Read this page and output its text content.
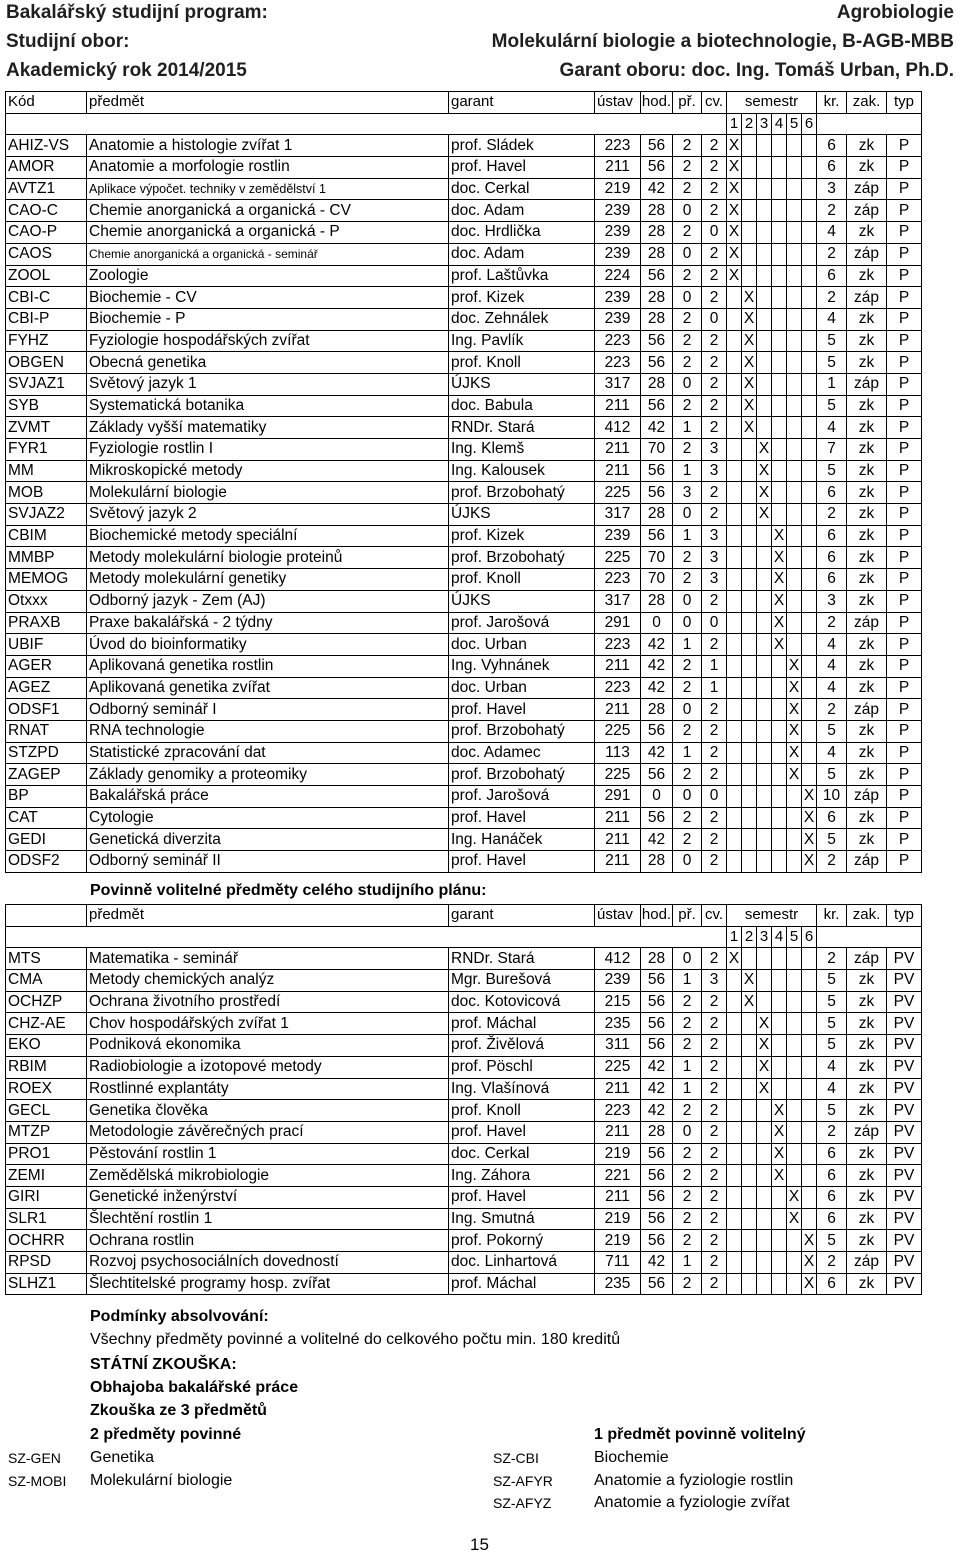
Bakalářský studijní program:	Agrobiologie
Studijní obor:	Molekulární biologie a biotechnologie, B-AGB-MBB
Akademický rok 2014/2015	Garant oboru: doc. Ing. Tomáš Urban, Ph.D.
Kód	předmět	garant	ústav	hod.	př.	cv.	semestr						kr.	zak.	typ
							1	2	3	4	5	6			
AHIZ-VS	Anatomie a histologie zvířat 1	prof. Sládek	223	56	2	2	X						6	zk	P
AMOR	Anatomie a morfologie rostlin	prof. Havel	211	56	2	2	X						6	zk	P
AVTZ1	Aplikace výpočet. techniky v zemědělství 1	doc. Cerkal	219	42	2	2	X						3	záp	P
CAO-C	Chemie anorganická a organická - CV	doc. Adam	239	28	0	2	X						2	záp	P
CAO-P	Chemie anorganická a organická - P	doc. Hrdlička	239	28	2	0	X						4	zk	P
CAOS	Chemie anorganická a organická - seminář	doc. Adam	239	28	0	2	X						2	záp	P
ZOOL	Zoologie	prof. Laštůvka	224	56	2	2	X						6	zk	P
CBI-C	Biochemie - CV	prof. Kizek	239	28	0	2		X					2	záp	P
CBI-P	Biochemie - P	doc. Zehnálek	239	28	2	0		X					4	zk	P
FYHZ	Fyziologie hospodářských zvířat	Ing. Pavlík	223	56	2	2		X					5	zk	P
OBGEN	Obecná genetika	prof. Knoll	223	56	2	2		X					5	zk	P
SVJAZ1	Světový jazyk 1	ÚJKS	317	28	0	2		X					1	záp	P
SYB	Systematická botanika	doc. Babula	211	56	2	2		X					5	zk	P
ZVMT	Základy vyšší matematiky	RNDr. Stará	412	42	1	2		X					4	zk	P
FYR1	Fyziologie rostlin I	Ing. Klemš	211	70	2	3			X				7	zk	P
MM	Mikroskopické metody	Ing. Kalousek	211	56	1	3			X				5	zk	P
MOB	Molekulární biologie	prof. Brzobohatý	225	56	3	2			X				6	zk	P
SVJAZ2	Světový jazyk 2	ÚJKS	317	28	0	2			X				2	zk	P
CBIM	Biochemické metody speciální	prof. Kizek	239	56	1	3				X			6	zk	P
MMBP	Metody molekulární biologie proteinů	prof. Brzobohatý	225	70	2	3				X			6	zk	P
MEMOG	Metody molekulární genetiky	prof. Knoll	223	70	2	3				X			6	zk	P
Otxxx	Odborný jazyk - Zem (AJ)	ÚJKS	317	28	0	2				X			3	zk	P
PRAXB	Praxe bakalářská - 2 týdny	prof. Jarošová	291	0	0	0				X			2	záp	P
UBIF	Úvod do bioinformatiky	doc. Urban	223	42	1	2				X			4	zk	P
AGER	Aplikovaná genetika rostlin	Ing. Vyhnánek	211	42	2	1					X		4	zk	P
AGEZ	Aplikovaná genetika zvířat	doc. Urban	223	42	2	1					X		4	zk	P
ODSF1	Odborný seminář I	prof. Havel	211	28	0	2					X		2	záp	P
RNAT	RNA technologie	prof. Brzobohatý	225	56	2	2					X		5	zk	P
STZPD	Statistické zpracování dat	doc. Adamec	113	42	1	2					X		4	zk	P
ZAGEP	Základy genomiky a proteomiky	prof. Brzobohatý	225	56	2	2					X		5	zk	P
BP	Bakalářská práce	prof. Jarošová	291	0	0	0						X	10	záp	P
CAT	Cytologie	prof. Havel	211	56	2	2						X	6	zk	P
GEDI	Genetická diverzita	Ing. Hanáček	211	42	2	2						X	5	zk	P
ODSF2	Odborný seminář II	prof. Havel	211	28	0	2						X	2	záp	P
Povinně volitelné předměty celého studijního plánu:
	předmět	garant	ústav	hod.	př.	cv.	semestr						kr.	zak.	typ
							1	2	3	4	5	6			
MTS	Matematika - seminář	RNDr. Stará	412	28	0	2	X						2	záp	PV
CMA	Metody chemických analýz	Mgr. Burešová	239	56	1	3		X					5	zk	PV
OCHZP	Ochrana životního prostředí	doc. Kotovicová	215	56	2	2		X					5	zk	PV
CHZ-AE	Chov hospodářských zvířat 1	prof. Máchal	235	56	2	2			X				5	zk	PV
EKO	Podniková ekonomika	prof. Živělová	311	56	2	2			X				5	zk	PV
RBIM	Radiobiologie a izotopové metody	prof. Pöschl	225	42	1	2			X				4	zk	PV
ROEX	Rostlinné explantáty	Ing. Vlašínová	211	42	1	2			X				4	zk	PV
GECL	Genetika člověka	prof. Knoll	223	42	2	2				X			5	zk	PV
MTZP	Metodologie závěrečných prací	prof. Havel	211	28	0	2				X			2	záp	PV
PRO1	Pěstování rostlin 1	doc. Cerkal	219	56	2	2				X			6	zk	PV
ZEMI	Zemědělská mikrobiologie	Ing. Záhora	221	56	2	2				X			6	zk	PV
GIRI	Genetické inženýrství	prof. Havel	211	56	2	2					X		6	zk	PV
SLR1	Šlechtění rostlin 1	Ing. Smutná	219	56	2	2					X		6	zk	PV
OCHRR	Ochrana rostlin	prof. Pokorný	219	56	2	2						X	5	zk	PV
RPSD	Rozvoj psychosociálních dovedností	doc. Linhartová	711	42	1	2						X	2	záp	PV
SLHZ1	Šlechtitelské programy hosp. zvířat	prof. Máchal	235	56	2	2						X	6	zk	PV
Podmínky absolvování:
Všechny předměty povinné a volitelné do celkového počtu min. 180 kreditů
STÁTNÍ ZKOUŠKA:
Obhajoba bakalářské práce
Zkouška ze 3 předmětů
2 předměty povinné	1 předmět povinně volitelný
SZ-GEN Genetika
SZ-MOBI Molekulární biologie
SZ-CBI	Biochemie
SZ-AFYR	Anatomie a fyziologie rostlin
SZ-AFYZ	Anatomie a fyziologie zvířat
15
